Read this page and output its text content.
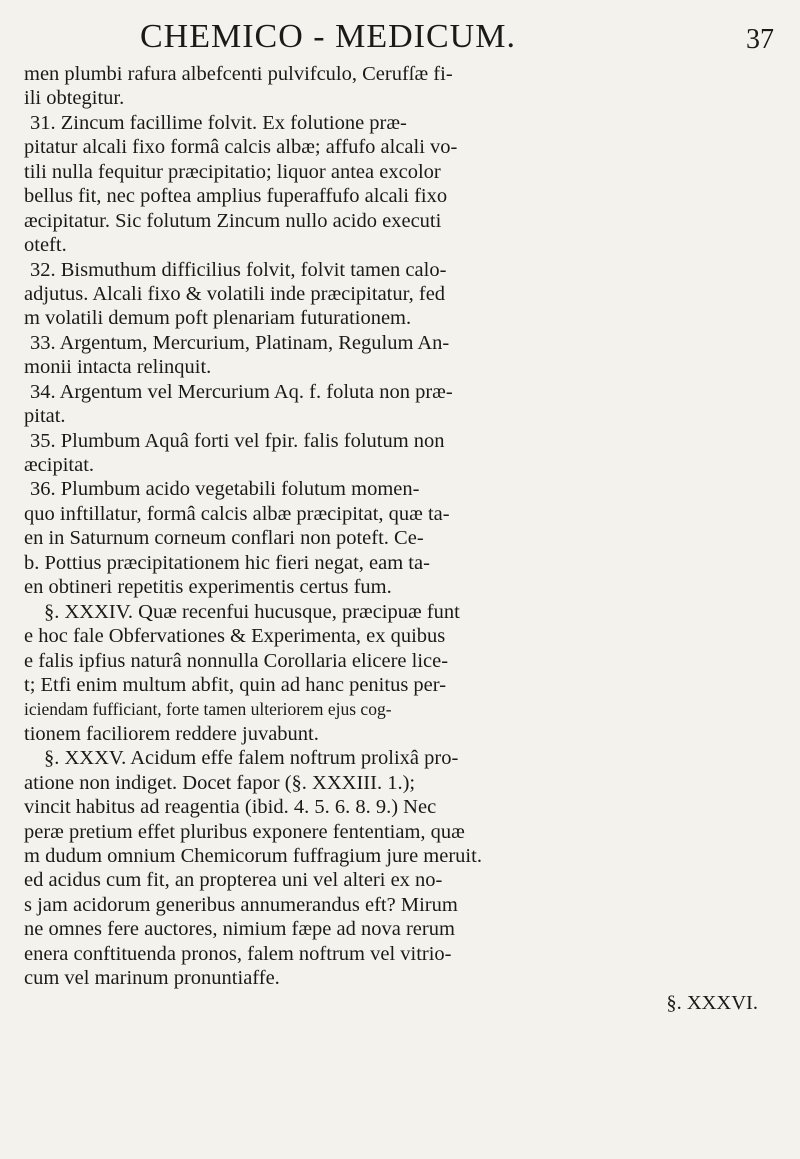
CHEMICO - MEDICUM.	37
men plumbi rafura albefcenti pulvifculo, Cerufſæ fi-
ili obtegitur.
31. Zincum facillime folvit. Ex folutione præ-
pitatur alcali fixo formâ calcis albæ; affufo alcali vo-
tili nulla fequitur præcipitatio; liquor antea excolor
bellus fit, nec poftea amplius fuperaffufo alcali fixo
æcipitatur. Sic folutum Zincum nullo acido executi
oteft.
32. Bismuthum difficilius folvit, folvit tamen calo-
adjutus. Alcali fixo & volatili inde præcipitatur, fed
m volatili demum poft plenariam futurationem.
33. Argentum, Mercurium, Platinam, Regulum An-
monii intacta relinquit.
34. Argentum vel Mercurium Aq. f. foluta non præ-
pitat.
35. Plumbum Aquâ forti vel fpir. falis folutum non
æcipitat.
36. Plumbum acido vegetabili folutum momen-
quo inftillatur, formâ calcis albæ præcipitat, quæ ta-
en in Saturnum corneum conflari non poteft. Ce-
b. Pottius præcipitationem hic fieri negat, eam ta-
en obtineri repetitis experimentis certus fum.
§. XXXIV. Quæ recenfui hucusque, præcipuæ funt
e hoc fale Obfervationes & Experimenta, ex quibus
e falis ipfius naturâ nonnulla Corollaria elicere lice-
t; Etfi enim multum abfit, quin ad hanc penitus per-
iciendam fufficiant, forte tamen ulteriorem ejus cog-
tionem faciliorem reddere juvabunt.
§. XXXV. Acidum effe falem noftrum prolixâ pro-
atione non indiget. Docet fapor (§. XXXIII. 1.);
vincit habitus ad reagentia (ibid. 4. 5. 6. 8. 9.) Nec
peræ pretium effet pluribus exponere fententiam, quæ
m dudum omnium Chemicorum fuffragium jure meruit.
ed acidus cum fit, an propterea uni vel alteri ex no-
s jam acidorum generibus annumerandus eft? Mirum
ne omnes fere auctores, nimium fæpe ad nova rerum
enera conftituenda pronos, falem noftrum vel vitrio-
cum vel marinum pronuntiaffe.
§. XXXVI.
